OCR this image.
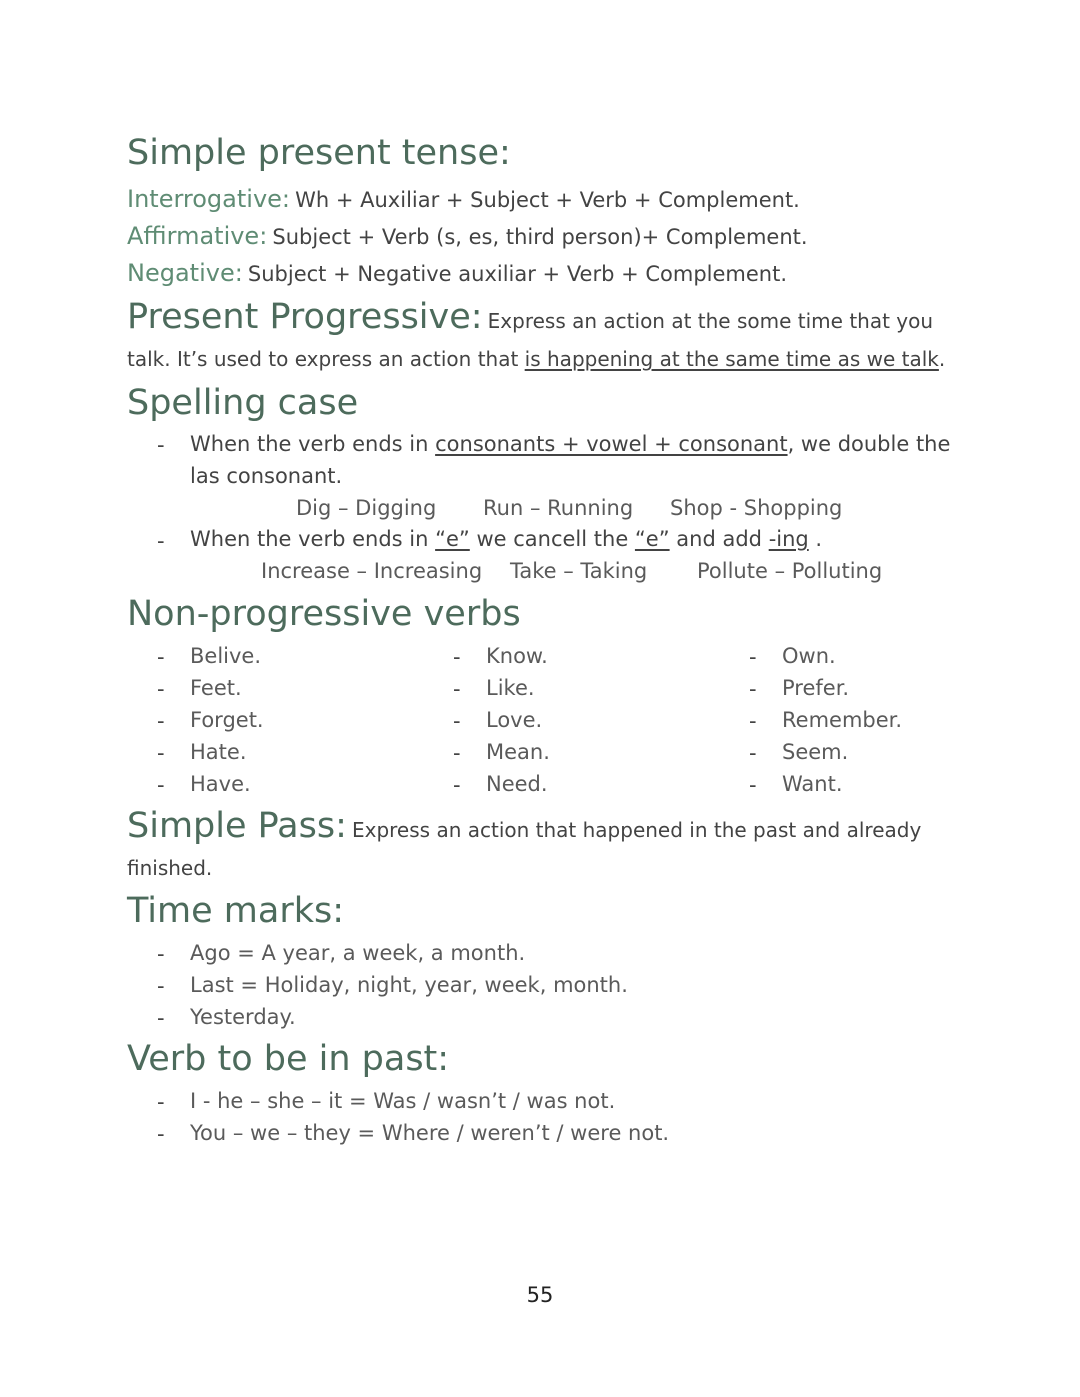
Simple present tense:
Interrogative: Wh + Auxiliar + Subject + Verb + Complement.
Affirmative: Subject + Verb (s, es, third person)+ Complement.
Negative: Subject + Negative auxiliar + Verb + Complement.
Present Progressive: Express an action at the some time that you
talk. It’s used to express an action that is happening at the same time as we talk.
Spelling case
- When the verb ends in consonants + vowel + consonant, we double the
las consonant.
Dig – Digging Run – Running Shop - Shopping
- When the verb ends in “e” we cancell the “e” and add -ing .
Increase – Increasing Take – Taking Pollute – Polluting
Non-progressive verbs
- Belive.
- Feet.
- Forget.
- Hate.
- Have.
- Know.
- Like.
- Love.
- Mean.
- Need.
- Own.
- Prefer.
- Remember.
- Seem.
- Want.
Simple Pass: Express an action that happened in the past and already
finished.
Time marks:
- Ago = A year, a week, a month.
- Last = Holiday, night, year, week, month.
- Yesterday.
Verb to be in past:
- I - he – she – it = Was / wasn’t / was not.
- You – we – they = Where / weren’t / were not.
55
